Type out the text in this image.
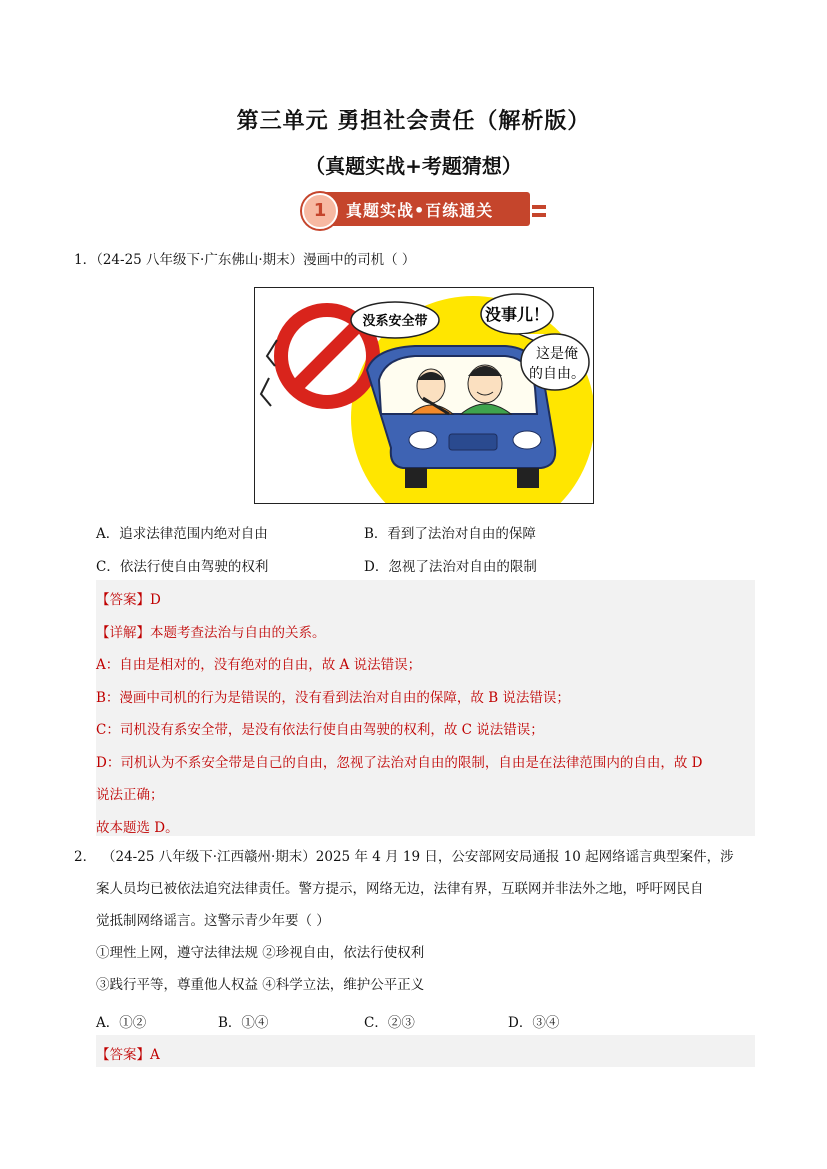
第三单元 勇担社会责任（解析版）
（真题实战+考题猜想）
1	真题实战•百练通关
1．（24-25 八年级下·广东佛山·期末）漫画中的司机（ ）
没系安全带	没事儿！
这是俺
的自由。
A．追求法律范围内绝对自由	B．看到了法治对自由的保障
C．依法行使自由驾驶的权利	D．忽视了法治对自由的限制
【答案】D
【详解】本题考查法治与自由的关系。
A：自由是相对的，没有绝对的自由，故 A 说法错误；
B：漫画中司机的行为是错误的，没有看到法治对自由的保障，故 B 说法错误；
C：司机没有系安全带，是没有依法行使自由驾驶的权利，故 C 说法错误；
D：司机认为不系安全带是自己的自由，忽视了法治对自由的限制，自由是在法律范围内的自由，故 D
说法正确；
故本题选 D。
2． （24-25 八年级下·江西赣州·期末）2025 年 4 月 19 日，公安部网安局通报 10 起网络谣言典型案件，涉
案人员均已被依法追究法律责任。警方提示，网络无边，法律有界，互联网并非法外之地，呼吁网民自
觉抵制网络谣言。这警示青少年要（ ）
①理性上网，遵守法律法规 ②珍视自由，依法行使权利
③践行平等，尊重他人权益 ④科学立法，维护公平正义
A．①②	B．①④	C．②③	D．③④
【答案】A
